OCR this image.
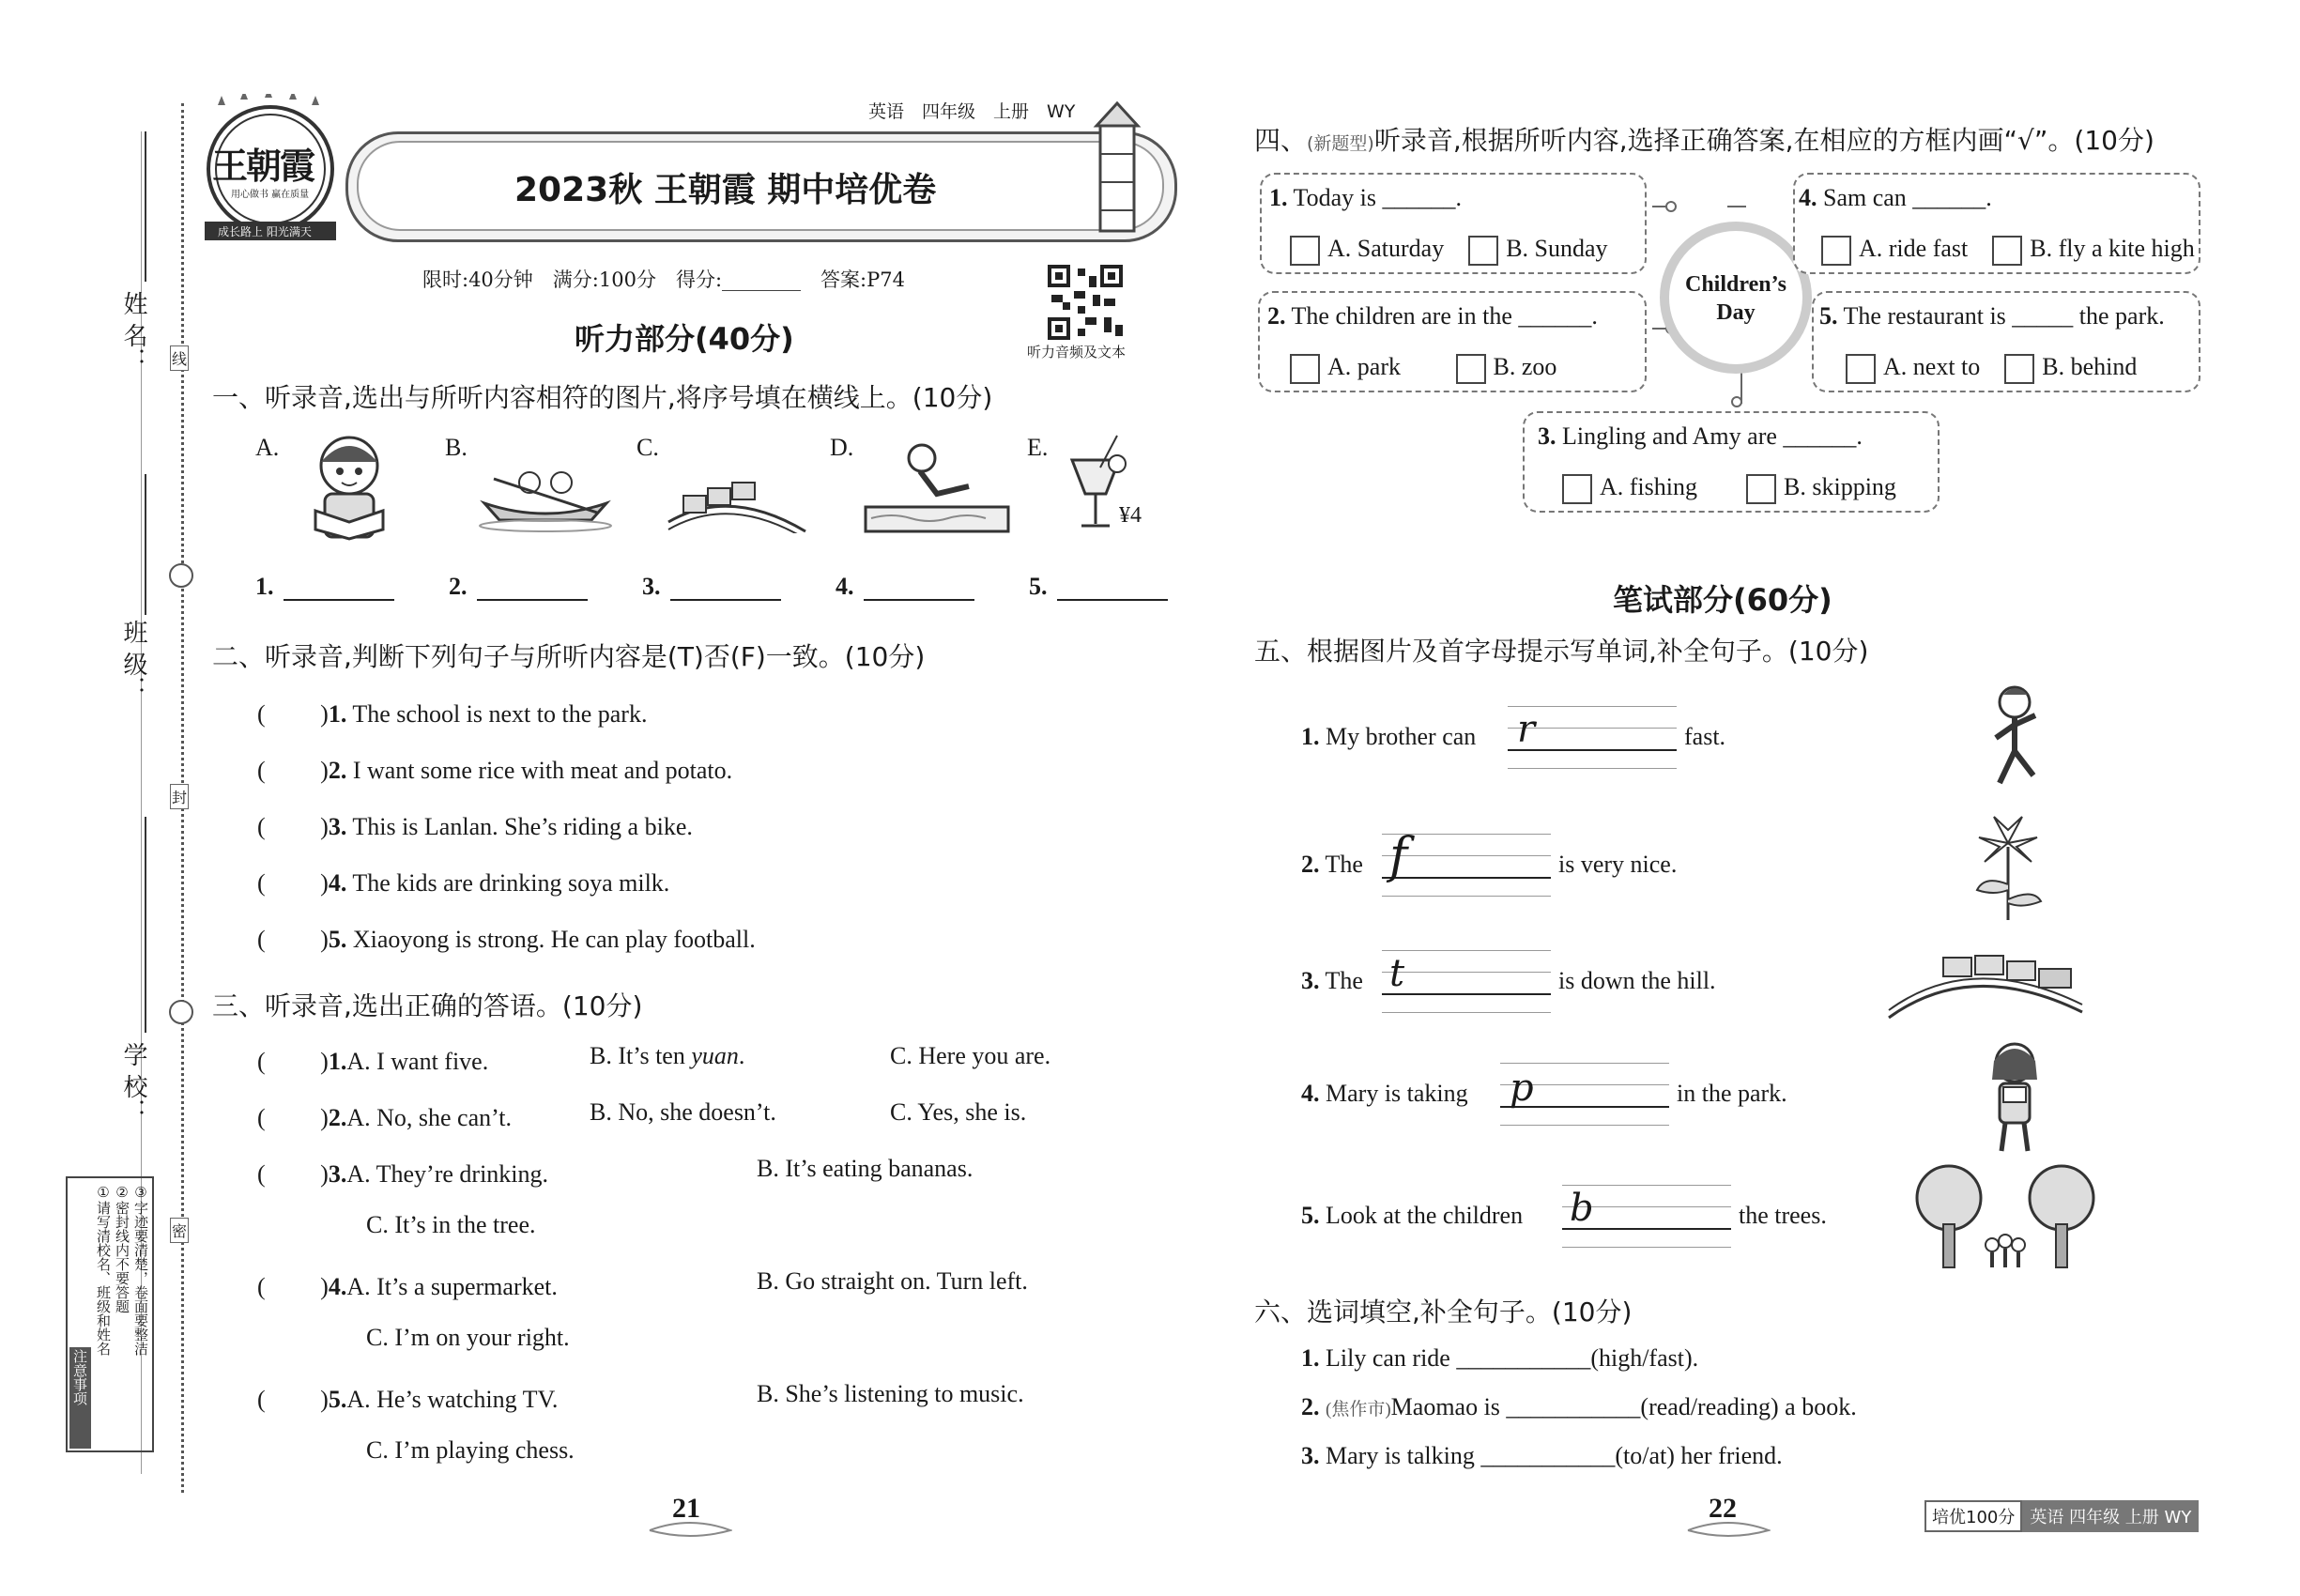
姓 名：
班 级：
学 校：
线
封
密
注意事项
①请写清校名、班级和姓名 ②密封线内不要答题 ③字迹要清楚，卷面要整洁
英语　四年级　上册　WY
王朝霞
用心做书 赢在质量
成长路上 阳光满天
2023秋 王朝霞 期中培优卷
限时:40分钟　满分:100分　得分:________　答案:P74
听力音频及文本
听力部分(40分)
一、听录音,选出与所听内容相符的图片,将序号填在横线上。(10分)
A.	B.	C.	D.	E.
¥4
1.	2.	3.	4.	5.
二、听录音,判断下列句子与所听内容是(T)否(F)一致。(10分)
(　　 )1. The school is next to the park.
(　　 )2. I want some rice with meat and potato.
(　　 )3. This is Lanlan. She’s riding a bike.
(　　 )4. The kids are drinking soya milk.
(　　 )5. Xiaoyong is strong. He can play football.
三、听录音,选出正确的答语。(10分)
(　　 )1.A. I want five.	B. It’s ten yuan.	C. Here you are.
(　　 )2.A. No, she can’t.	B. No, she doesn’t.	C. Yes, she is.
(　　 )3.A. They’re drinking.	B. It’s eating bananas.
C. It’s in the tree.
(　　 )4.A. It’s a supermarket.	B. Go straight on. Turn left.
C. I’m on your right.
(　　 )5.A. He’s watching TV.	B. She’s listening to music.
C. I’m playing chess.
21
四、(新题型)听录音,根据所听内容,选择正确答案,在相应的方框内画“√”。(10分)
Children’s Day
1. Today is ______.
A. Saturday　	B. Sunday
2. The children are in the ______.
A. park　　	B. zoo
4. Sam can ______.
A. ride fast　	B. fly a kite high
5. The restaurant is _____ the park.
A. next to　	B. behind
3. Lingling and Amy are ______.
A. fishing　　	B. skipping
笔试部分(60分)
五、根据图片及首字母提示写单词,补全句子。(10分)
1. My brother can r	fast.
2. The f	is very nice.
3. The t	is down the hill.
4. Mary is taking p	in the park.
5. Look at the children b	the trees.
六、选词填空,补全句子。(10分)
1. Lily can ride ___________(high/fast).
2. (焦作市)Maomao is ___________(read/reading) a book.
3. Mary is talking ___________(to/at) her friend.
22	培优100分 英语 四年级 上册 WY
